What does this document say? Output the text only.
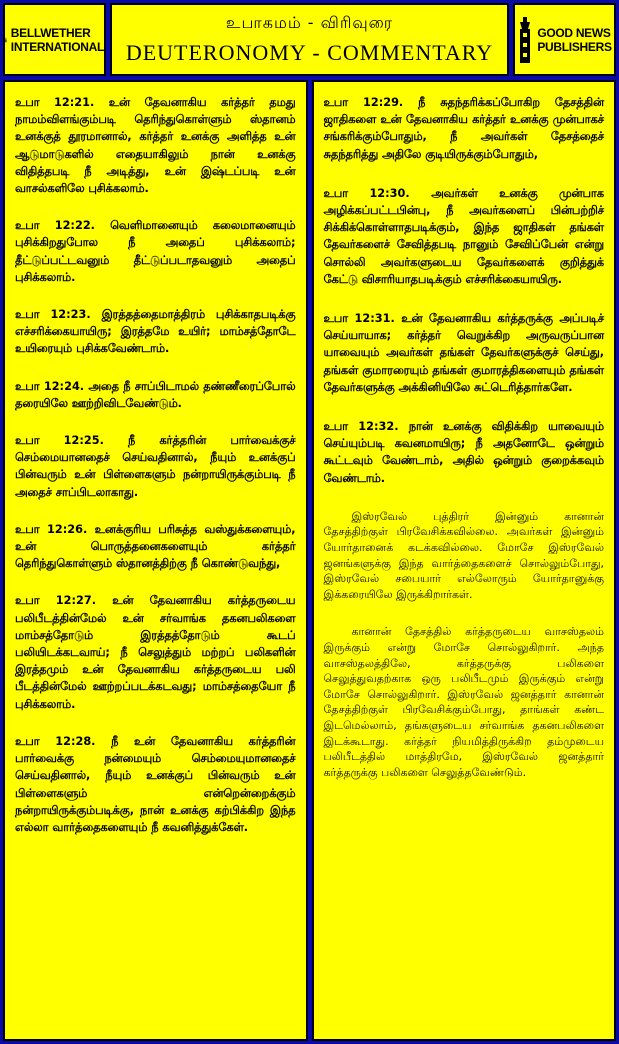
BELLWETHER
INTERNATIONAL
உபாகமம் - விரிவுரை
DEUTERONOMY - COMMENTARY
GOOD NEWS
PUBLISHERS

உபா 12:21. உன் தேவனாகிய கர்த்தர் தமது நாமம்விளங்கும்படி தெரிந்துகொள்ளும் ஸ்தானம் உனக்குத் தூரமானால், கர்த்தர் உனக்கு அளித்த உன் ஆடுமாடுகளில் எதையாகிலும் நான் உனக்கு விதித்தபடி நீ அடித்து, உன் இஷ்டப்படி உன் வாசல்களிலே புசிக்கலாம்.

உபா 12:22. வெளிமானையும் கலைமானையும் புசிக்கிறதுபோல நீ அதைப் புசிக்கலாம்; தீட்டுப்பட்டவனும் தீட்டுப்படாதவனும் அதைப் புசிக்கலாம்.

உபா 12:23. இரத்தத்தைமாத்திரம் புசிக்காதபடிக்கு எச்சரிக்கையாயிரு; இரத்தமே உயிர்; மாம்சத்தோடே உயிரையும் புசிக்கவேண்டாம்.

உபா 12:24. அதை நீ சாப்பிடாமல் தண்ணீரைப்போல் தரையிலே ஊற்றிவிடவேண்டும்.

உபா 12:25. நீ கர்த்தரின் பார்வைக்குச் செம்மையானதைச் செய்வதினால், நீயும் உனக்குப் பின்வரும் உன் பிள்ளைகளும் நன்றாயிருக்கும்படி நீ அதைச் சாப்பிடலாகாது.

உபா 12:26. உனக்குரிய பரிசுத்த வஸ்துக்களையும், உன் பொருத்தனைகளையும் கர்த்தர் தெரிந்துகொள்ளும் ஸ்தானத்திற்கு நீ கொண்டுவந்து,

உபா 12:27. உன் தேவனாகிய கர்த்தருடைய பலிபீடத்தின்மேல் உன் சர்வாங்க தகனபலிகளை மாம்சத்தோடும் இரத்தத்தோடும் கூடப் பலியிடக்கடவாய்; நீ செலுத்தும் மற்றப் பலிகளின் இரத்தமும் உன் தேவனாகிய கர்த்தருடைய பலி பீடத்தின்மேல் ஊற்றப்படக்கடவது; மாம்சத்தையோ நீ புசிக்கலாம்.

உபா 12:28. நீ உன் தேவனாகிய கர்த்தரின் பார்வைக்கு நன்மையும் செம்மையுமானதைச் செய்வதினால், நீயும் உனக்குப் பின்வரும் உன் பிள்ளைகளும் என்றென்றைக்கும் நன்றாயிருக்கும்படிக்கு, நான் உனக்கு கற்பிக்கிற இந்த எல்லா வார்த்தைகளையும் நீ கவனித்துக்கேள்.

உபா 12:29. நீ சுதந்தரிக்கப்போகிற தேசத்தின் ஜாதிகளை உன் தேவனாகிய கர்த்தர் உனக்கு முன்பாகச் சங்கரிக்கும்போதும், நீ அவர்கள் தேசத்தைச் சுதந்தரித்து அதிலே குடியிருக்கும்போதும்,

உபா 12:30. அவர்கள் உனக்கு முன்பாக அழிக்கப்பட்டபின்பு, நீ அவர்களைப் பின்பற்றிச் சிக்கிக்கொள்ளாதபடிக்கும், இந்த ஜாதிகள் தங்கள் தேவர்களைச் சேவித்தபடி நானும் சேவிப்பேன் என்று சொல்லி அவர்களுடைய தேவர்களைக் குறித்துக் கேட்டு விசாரியாதபடிக்கும் எச்சரிக்கையாயிரு.

உபா 12:31. உன் தேவனாகிய கர்த்தருக்கு அப்படிச் செய்யாயாக; கர்த்தர் வெறுக்கிற அருவருப்பான யாவையும் அவர்கள் தங்கள் தேவர்களுக்குச் செய்து, தங்கள் குமாரரையும் தங்கள் குமாரத்திகளையும் தங்கள் தேவர்களுக்கு அக்கினியிலே சுட்டெரித்தார்களே.

உபா 12:32. நான் உனக்கு விதிக்கிற யாவையும் செய்யும்படி கவனமாயிரு; நீ அதனோடே ஒன்றும் கூட்டவும் வேண்டாம், அதில் ஒன்றும் குறைக்கவும் வேண்டாம்.

இஸ்ரவேல் புத்திரர் இன்னும் கானான் தேசத்திற்குள் பிரவேசிக்கவில்லை. அவர்கள் இன்னும் யோர்தானைக் கடக்கவில்லை. மோசே இஸ்ரவேல் ஜனங்களுக்கு இந்த வார்த்தைகளைச் சொல்லும்போது, இஸ்ரவேல் சபையார் எல்லோரும் யோர்தானுக்கு இக்கரையிலே இருக்கிறார்கள்.

கானான் தேசத்தில் கர்த்தருடைய வாசஸ்தலம் இருக்கும் என்று மோசே சொல்லுகிறார். அந்த வாசஸ்தலத்திலே, கர்த்தருக்கு பலிகளை செலுத்துவதற்காக ஒரு பலிபீடமும் இருக்கும் என்று மோசே சொல்லுகிறார். இஸ்ரவேல் ஜனத்தார் கானான் தேசத்திற்குள் பிரவேசிக்கும்போது, தாங்கள் கண்ட இடமெல்லாம், தங்களுடைய சர்வாங்க தகனபலிகளை இடக்கூடாது. கர்த்தர் நியமித்திருக்கிற தம்முடைய பலிபீடத்தில் மாத்திரமே, இஸ்ரவேல் ஜனத்தார் கர்த்தருக்கு பலிகளை செலுத்தவேண்டும்.
